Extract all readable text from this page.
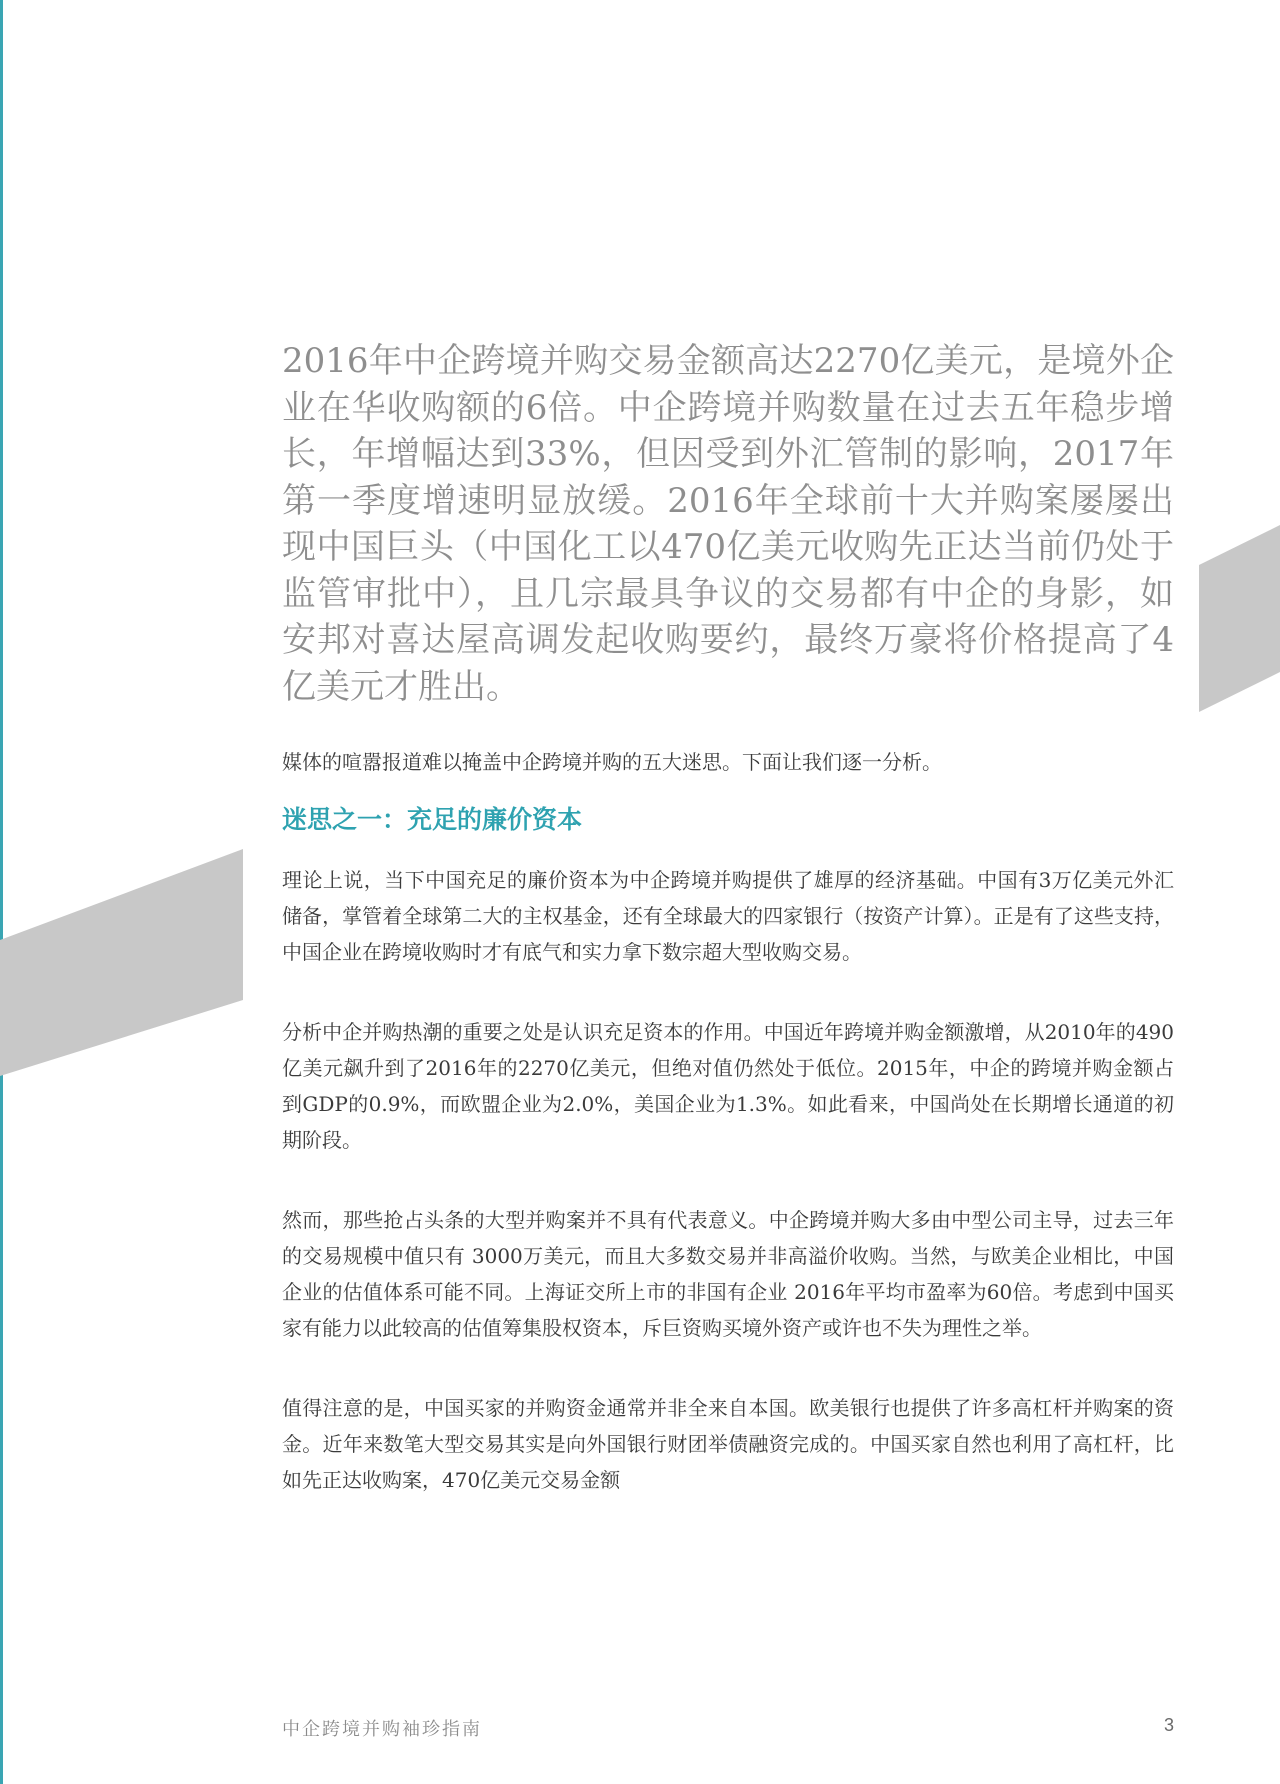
2016年中企跨境并购交易金额高达2270亿美元，是境外企业在华收购额的6倍。中企跨境并购数量在过去五年稳步增长，年增幅达到33%，但因受到外汇管制的影响，2017年第一季度增速明显放缓。2016年全球前十大并购案屡屡出现中国巨头（中国化工以470亿美元收购先正达当前仍处于监管审批中），且几宗最具争议的交易都有中企的身影，如安邦对喜达屋高调发起收购要约，最终万豪将价格提高了4亿美元才胜出。

媒体的喧嚣报道难以掩盖中企跨境并购的五大迷思。下面让我们逐一分析。

迷思之一：充足的廉价资本

理论上说，当下中国充足的廉价资本为中企跨境并购提供了雄厚的经济基础。中国有3万亿美元外汇储备，掌管着全球第二大的主权基金，还有全球最大的四家银行（按资产计算）。正是有了这些支持，中国企业在跨境收购时才有底气和实力拿下数宗超大型收购交易。

分析中企并购热潮的重要之处是认识充足资本的作用。中国近年跨境并购金额激增，从2010年的490亿美元飙升到了2016年的2270亿美元，但绝对值仍然处于低位。2015年，中企的跨境并购金额占到GDP的0.9%，而欧盟企业为2.0%，美国企业为1.3%。如此看来，中国尚处在长期增长通道的初期阶段。

然而，那些抢占头条的大型并购案并不具有代表意义。中企跨境并购大多由中型公司主导，过去三年的交易规模中值只有 3000万美元，而且大多数交易并非高溢价收购。当然，与欧美企业相比，中国企业的估值体系可能不同。上海证交所上市的非国有企业 2016年平均市盈率为60倍。考虑到中国买家有能力以此较高的估值筹集股权资本，斥巨资购买境外资产或许也不失为理性之举。

值得注意的是，中国买家的并购资金通常并非全来自本国。欧美银行也提供了许多高杠杆并购案的资金。近年来数笔大型交易其实是向外国银行财团举债融资完成的。中国买家自然也利用了高杠杆，比如先正达收购案，470亿美元交易金额

中企跨境并购袖珍指南	3
